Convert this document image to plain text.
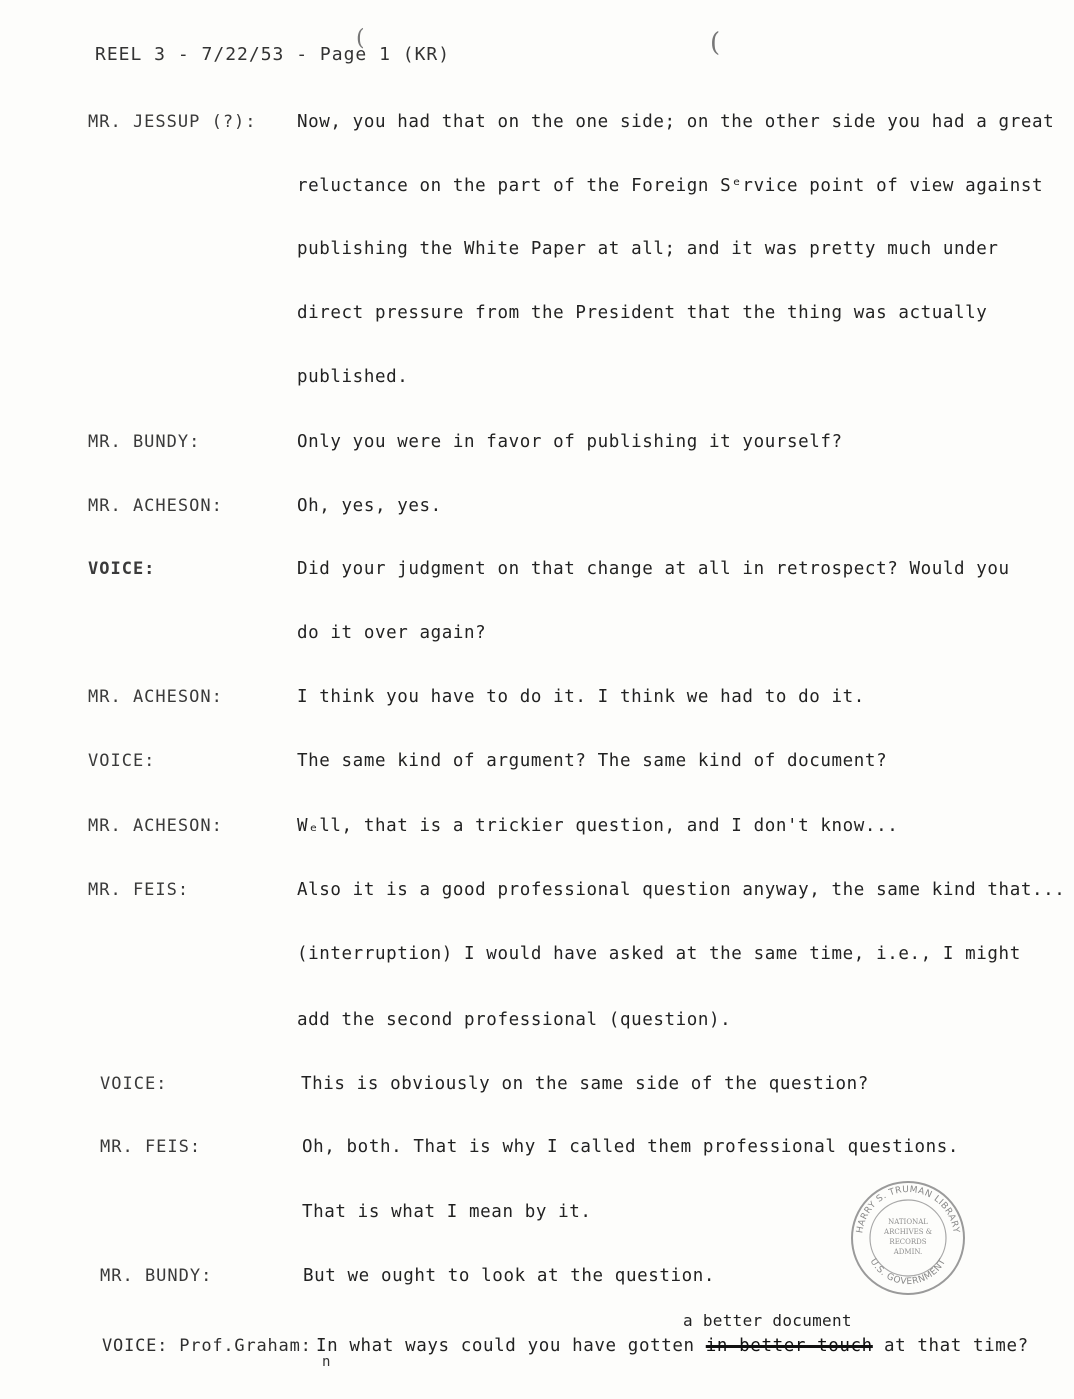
REEL 3 - 7/22/53 - Page 1 (KR)	(
(
MR. JESSUP (?): Now, you had that on the one side; on the other side you had a great
reluctance on the part of the Foreign Sᵉrvice point of view against
publishing the White Paper at all; and it was pretty much under
direct pressure from the President that the thing was actually
published.
MR. BUNDY:	Only you were in favor of publishing it yourself?
MR. ACHESON:	Oh, yes, yes.
VOICE:	Did your judgment on that change at all in retrospect? Would you
do it over again?
MR. ACHESON:	I think you have to do it. I think we had to do it.
VOICE:	The same kind of argument? The same kind of document?
MR. ACHESON:	Wₑll, that is a trickier question, and I don't know...
MR. FEIS:	Also it is a good professional question anyway, the same kind that...
(interruption) I would have asked at the same time, i.e., I might
add the second professional (question).
VOICE:	This is obviously on the same side of the question?
MR. FEIS:	Oh, both. That is why I called them professional questions.
That is what I mean by it.
MR. BUNDY:	But we ought to look at the question.
a better document
VOICE: Prof.Graham: In what ways could you have gotten in better touch at that time?
n
HARRY S. TRUMAN LIBRARY
U.S. GOVERNMENT
NATIONAL
ARCHIVES &
RECORDS
ADMIN.
